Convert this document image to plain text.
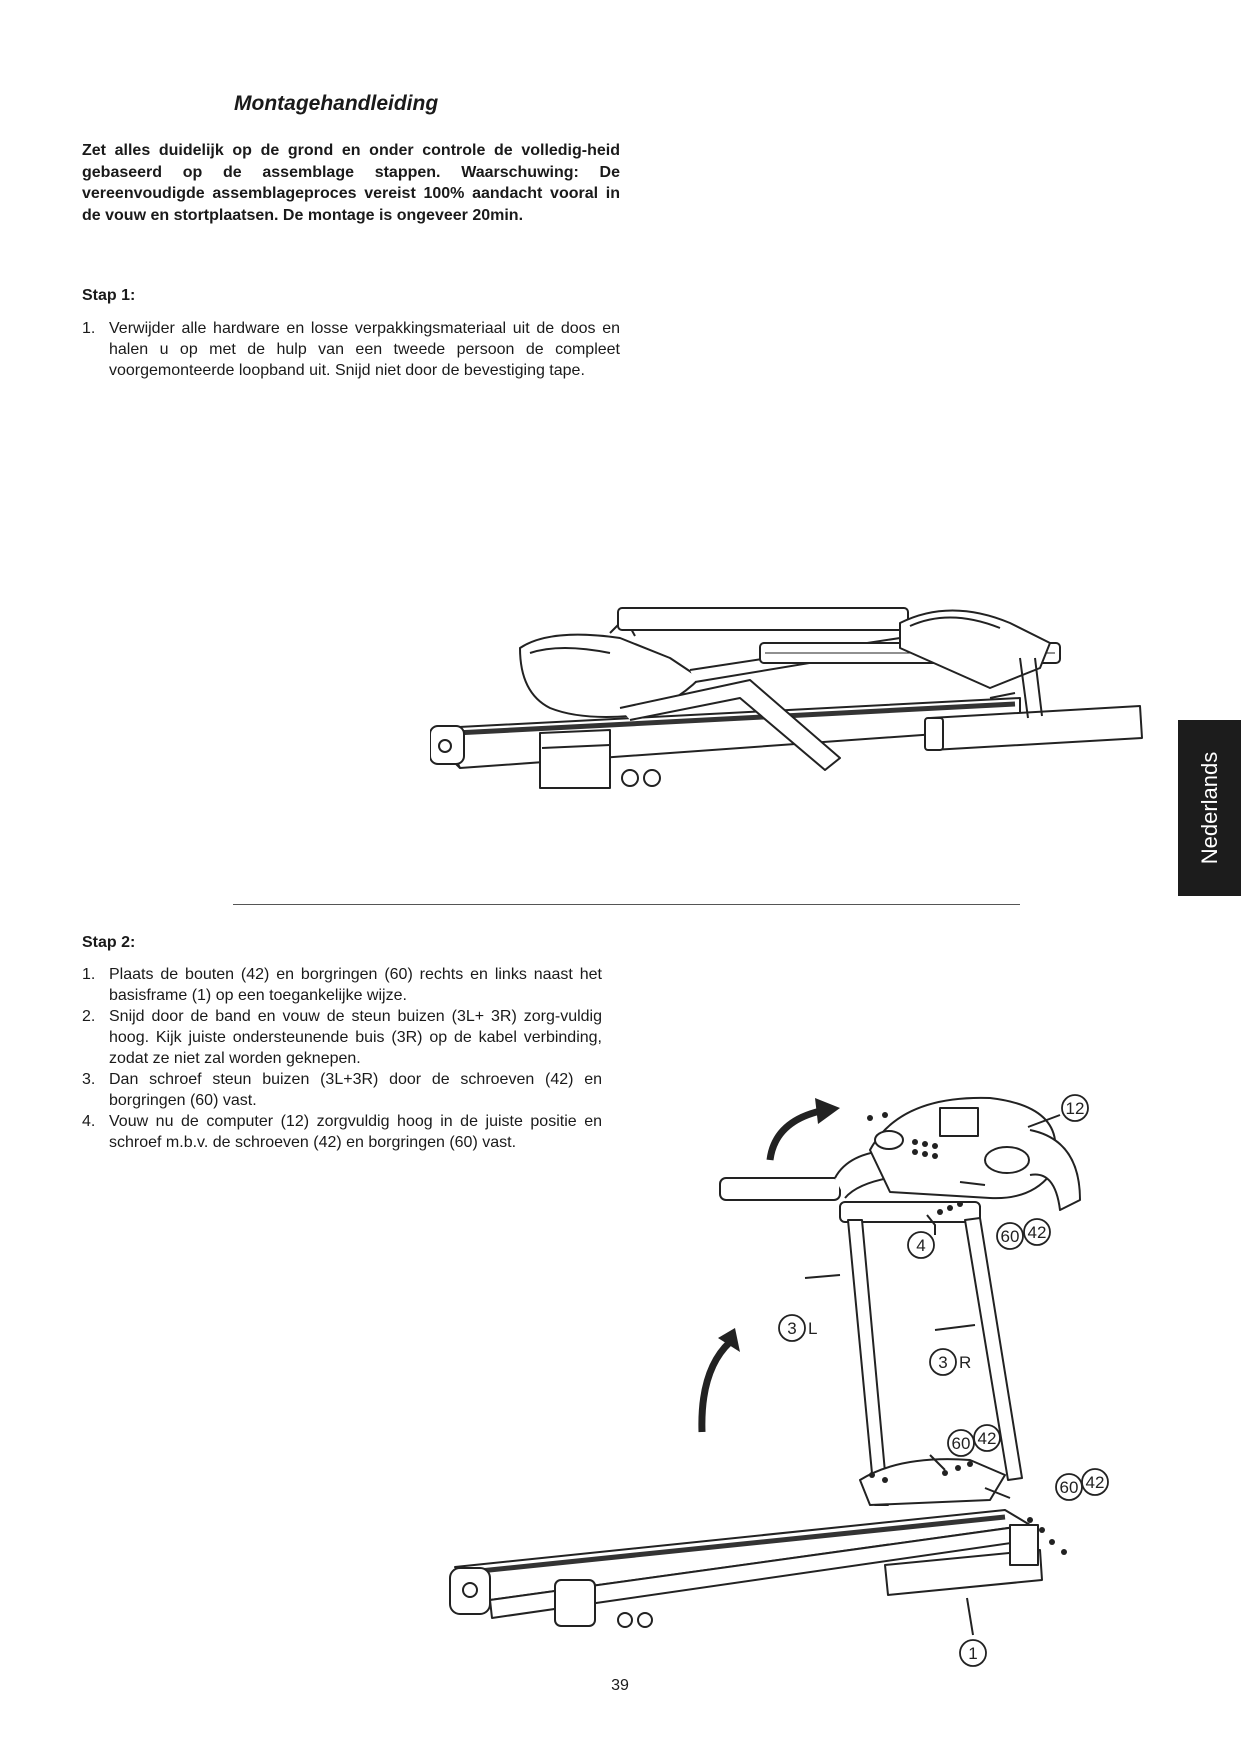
Montagehandleiding

Zet alles duidelijk op de grond en onder controle de volledig-heid gebaseerd op de assemblage stappen. Waarschuwing: De vereenvoudigde assemblageproces vereist 100% aandacht vooral in de vouw en stortplaatsen. De montage is ongeveer 20min.

Stap 1:
1. Verwijder alle hardware en losse verpakkingsmateriaal uit de doos en halen u op met de hulp van een tweede persoon de compleet voorgemonteerde loopband uit. Snijd niet door de bevestiging tape.
Nederlands
Stap 2:
1. Plaats de bouten (42) en borgringen (60) rechts en links naast het basisframe (1) op een toegankelijke wijze.
2. Snijd door de band en vouw de steun buizen (3L+ 3R) zorg-vuldig hoog. Kijk juiste ondersteunende buis (3R) op de kabel verbinding, zodat ze niet zal worden geknepen.
3. Dan schroef steun buizen (3L+3R) door de schroeven (42) en borgringen (60) vast.
4. Vouw nu de computer (12) zorgvuldig hoog in de juiste positie en schroef m.b.v. de schroeven (42) en borgringen (60) vast.
12
4	60 42
3
3
60 42
60 42
1
L
R
39
